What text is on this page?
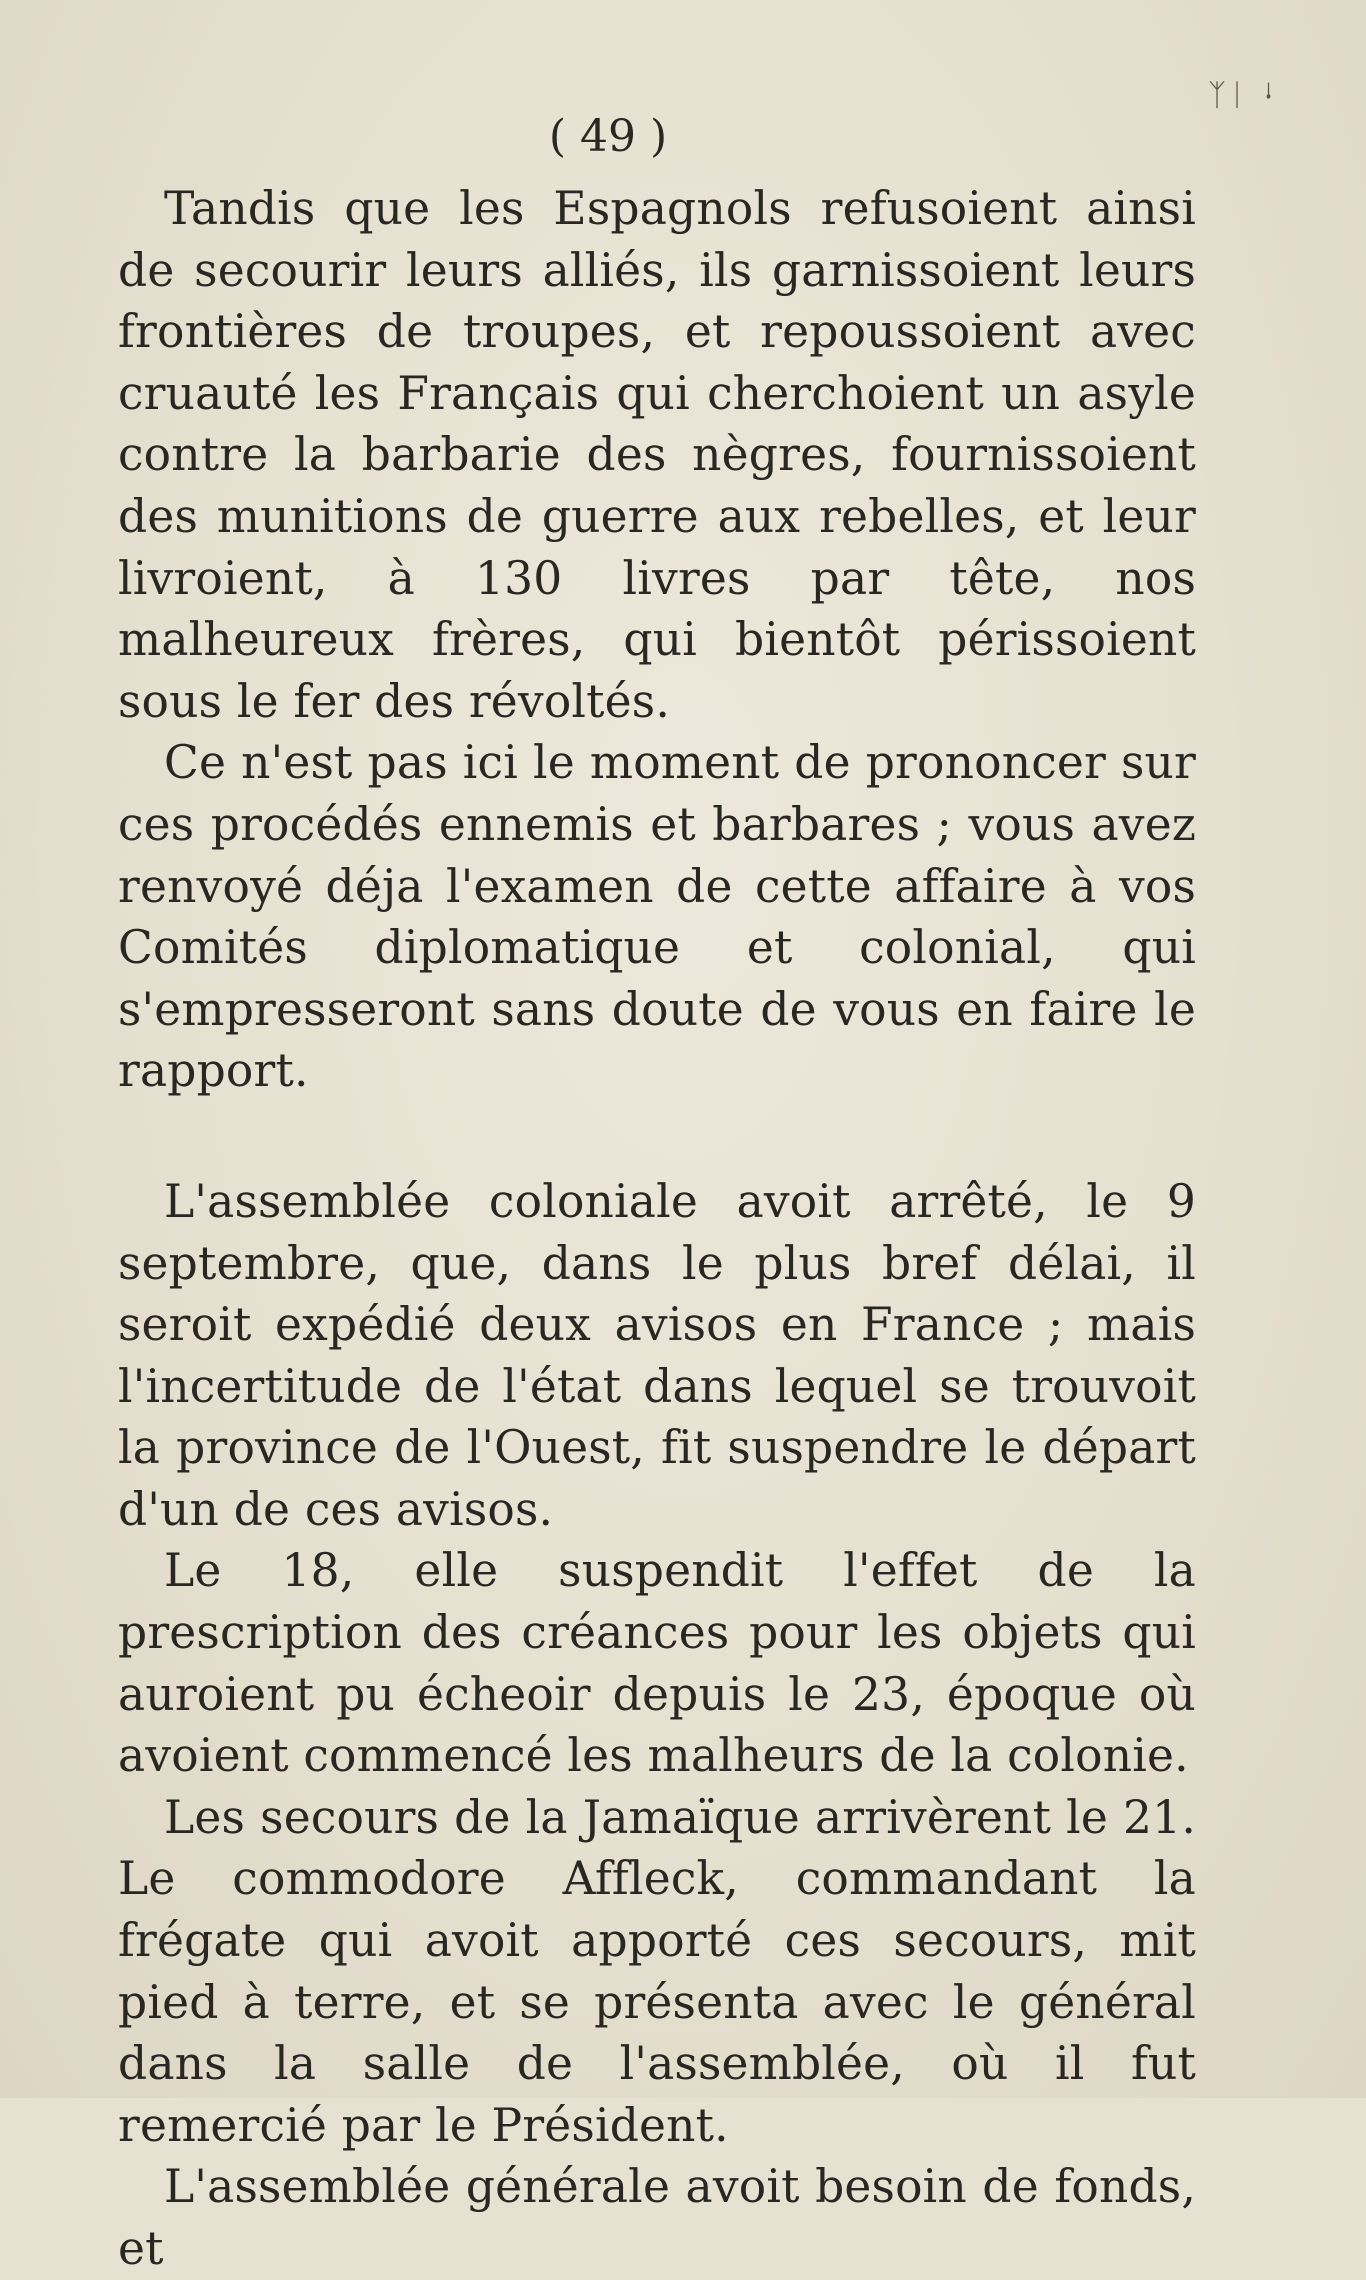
ᛉᛁ ᛍ
( 49 )

Tandis que les Espagnols refusoient ainsi de secourir leurs alliés, ils garnissoient leurs frontières de troupes, et repoussoient avec cruauté les Français qui cherchoient un asyle contre la barbarie des nègres, fournissoient des munitions de guerre aux rebelles, et leur livroient, à 130 livres par tête, nos malheureux frères, qui bientôt périssoient sous le fer des révoltés.

Ce n'est pas ici le moment de prononcer sur ces procédés ennemis et barbares ; vous avez renvoyé déja l'examen de cette affaire à vos Comités diplomatique et colonial, qui s'empresseront sans doute de vous en faire le rapport.

L'assemblée coloniale avoit arrêté, le 9 septembre, que, dans le plus bref délai, il seroit expédié deux avisos en France ; mais l'incertitude de l'état dans lequel se trouvoit la province de l'Ouest, fit suspendre le départ d'un de ces avisos.

Le 18, elle suspendit l'effet de la prescription des créances pour les objets qui auroient pu écheoir depuis le 23, époque où avoient commencé les malheurs de la colonie.

Les secours de la Jamaïque arrivèrent le 21. Le commodore Affleck, commandant la frégate qui avoit apporté ces secours, mit pied à terre, et se présenta avec le général dans la salle de l'assemblée, où il fut remercié par le Président.

L'assemblée générale avoit besoin de fonds, et
